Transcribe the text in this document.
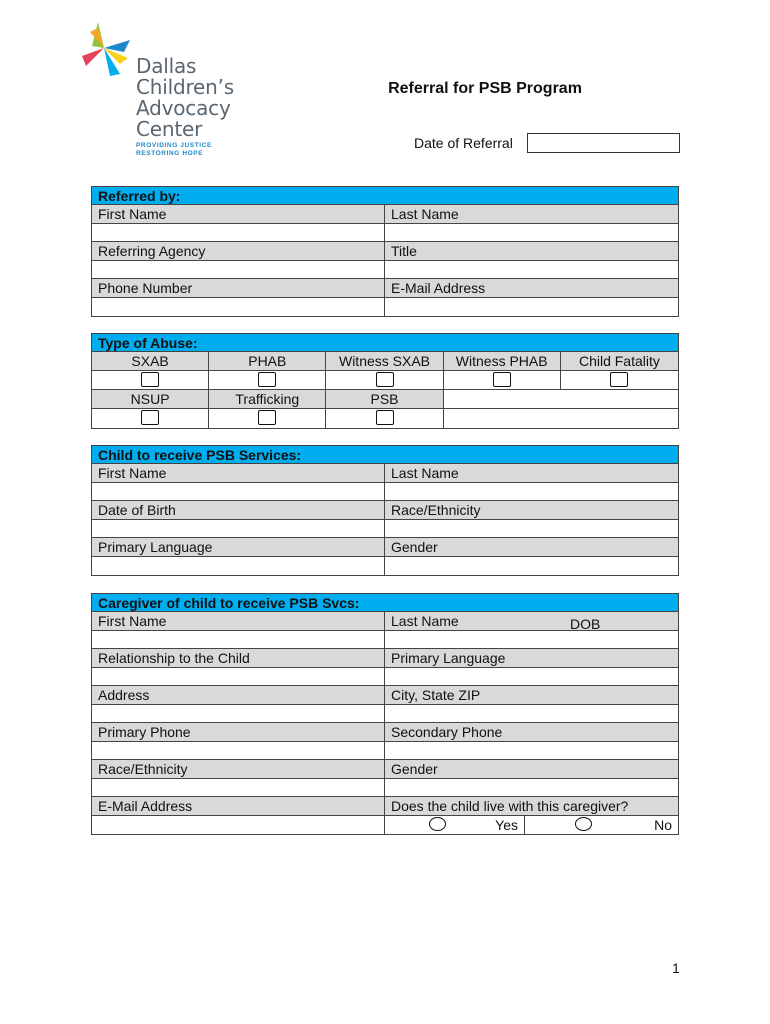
Dallas
Children’s
Advocacy
Center
PROVIDING JUSTICE
RESTORING HOPE
Referral for PSB Program
Date of Referral
Referred by:
First Name	Last Name
Referring Agency	Title
Phone Number	E-Mail Address
Type of Abuse:
SXAB	PHAB	Witness SXAB	Witness PHAB	Child Fatality
NSUP	Trafficking	PSB
Child to receive PSB Services:
First Name	Last Name
Date of Birth	Race/Ethnicity
Primary Language	Gender
Caregiver of child to receive PSB Svcs:
First Name	Last Name	DOB
Relationship to the Child	Primary Language
Address	City, State ZIP
Primary Phone	Secondary Phone
Race/Ethnicity	Gender
E-Mail Address	Does the child live with this caregiver?
Yes	No
1
